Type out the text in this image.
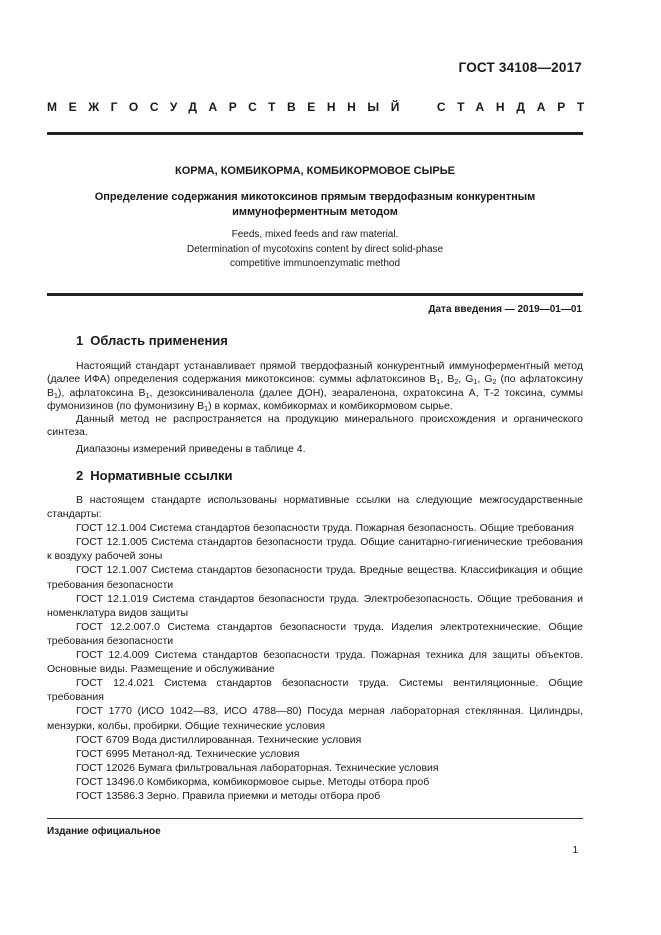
ГОСТ 34108—2017
МЕЖГОСУДАРСТВЕННЫЙ СТАНДАРТ
КОРМА, КОМБИКОРМА, КОМБИКОРМОВОЕ СЫРЬЕ
Определение содержания микотоксинов прямым твердофазным конкурентным
иммуноферментным методом
Feeds, mixed feeds and raw material.
Determination of mycotoxins content by direct solid-phase
competitive immunoenzymatic method
Дата введения — 2019—01—01
1 Область применения

Настоящий стандарт устанавливает прямой твердофазный конкурентный иммуноферментный метод (далее ИФА) определения содержания микотоксинов: суммы афлатоксинов $B_1$, $B_2$, $G_1$, $G_2$ (по афлатоксину $B_1$), афлатоксина $B_1$, дезоксиниваленола (далее ДОН), зеараленона, охратоксина А, Т-2 токсина, суммы фумонизинов (по фумонизину $B_1$) в кормах, комбикормах и комбикормовом сырье.

Данный метод не распространяется на продукцию минерального происхождения и органического синтеза.

Диапазоны измерений приведены в таблице 4.

2 Нормативные ссылки

В настоящем стандарте использованы нормативные ссылки на следующие межгосударственные стандарты:

ГОСТ 12.1.004 Система стандартов безопасности труда. Пожарная безопасность. Общие требования

ГОСТ 12.1.005 Система стандартов безопасности труда. Общие санитарно-гигиенические требования к воздуху рабочей зоны

ГОСТ 12.1.007 Система стандартов безопасности труда. Вредные вещества. Классификация и общие требования безопасности

ГОСТ 12.1.019 Система стандартов безопасности труда. Электробезопасность. Общие требования и номенклатура видов защиты

ГОСТ 12.2.007.0 Система стандартов безопасности труда. Изделия электротехнические. Общие требования безопасности

ГОСТ 12.4.009 Система стандартов безопасности труда. Пожарная техника для защиты объектов. Основные виды. Размещение и обслуживание

ГОСТ 12.4.021 Система стандартов безопасности труда. Системы вентиляционные. Общие требования

ГОСТ 1770 (ИСО 1042—83, ИСО 4788—80) Посуда мерная лабораторная стеклянная. Цилиндры, мензурки, колбы, пробирки. Общие технические условия

ГОСТ 6709 Вода дистиллированная. Технические условия

ГОСТ 6995 Метанол-яд. Технические условия

ГОСТ 12026 Бумага фильтровальная лабораторная. Технические условия

ГОСТ 13496.0 Комбикорма, комбикормовое сырье. Методы отбора проб

ГОСТ 13586.3 Зерно. Правила приемки и методы отбора проб

Издание официальное
1
